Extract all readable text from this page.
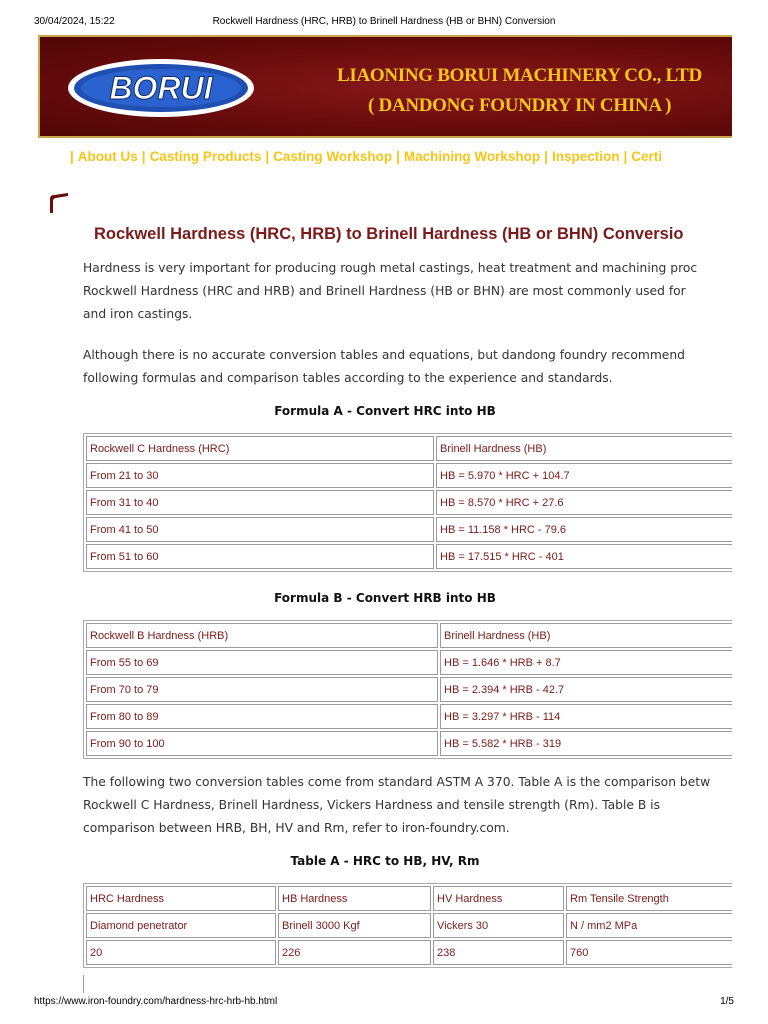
30/04/2024, 15:22	Rockwell Hardness (HRC, HRB) to Brinell Hardness (HB or BHN) Conversion
BORUI	LIAONING BORUI MACHINERY CO., LTD
( DANDONG FOUNDRY IN CHINA )
| About Us | Casting Products | Casting Workshop | Machining Workshop | Inspection | Certi
Rockwell Hardness (HRC, HRB) to Brinell Hardness (HB or BHN) Conversio
Hardness is very important for producing rough metal castings, heat treatment and machining proc
Rockwell Hardness (HRC and HRB) and Brinell Hardness (HB or BHN) are most commonly used for
and iron castings.
Although there is no accurate conversion tables and equations, but dandong foundry recommend
following formulas and comparison tables according to the experience and standards.
Formula A - Convert HRC into HB
Rockwell C Hardness (HRC)	Brinell Hardness (HB)
From 21 to 30	HB = 5.970 * HRC + 104.7
From 31 to 40	HB = 8.570 * HRC + 27.6
From 41 to 50	HB = 11.158 * HRC - 79.6
From 51 to 60	HB = 17.515 * HRC - 401
Formula B - Convert HRB into HB
Rockwell B Hardness (HRB)	Brinell Hardness (HB)
From 55 to 69	HB = 1.646 * HRB + 8.7
From 70 to 79	HB = 2.394 * HRB - 42.7
From 80 to 89	HB = 3.297 * HRB - 114
From 90 to 100	HB = 5.582 * HRB - 319
The following two conversion tables come from standard ASTM A 370. Table A is the comparison betw
Rockwell C Hardness, Brinell Hardness, Vickers Hardness and tensile strength (Rm). Table B is
comparison between HRB, BH, HV and Rm, refer to iron-foundry.com.
Table A - HRC to HB, HV, Rm
HRC Hardness	HB Hardness	HV Hardness	Rm Tensile Strength
Diamond penetrator	Brinell 3000 Kgf	Vickers 30	N / mm2 MPa
20	226	238	760
https://www.iron-foundry.com/hardness-hrc-hrb-hb.html	1/5
